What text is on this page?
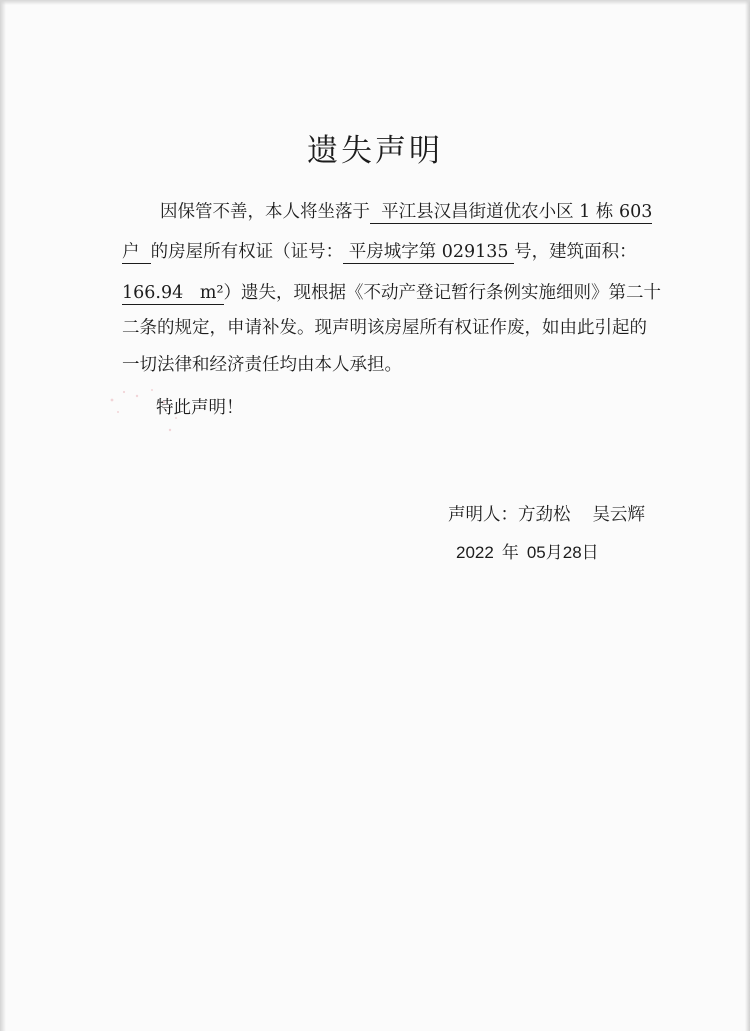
遗失声明
因保管不善，本人将坐落于  平江县汉昌街道优农小区 1 栋 603
户  的房屋所有权证（证号： 平房城字第 029135 号，建筑面积：
166.94   m²）遗失，现根据《不动产登记暂行条例实施细则》第二十
二条的规定，申请补发。现声明该房屋所有权证作废，如由此引起的
一切法律和经济责任均由本人承担。
特此声明！
声明人：方劲松 吴云辉
2022 年 05月28日
